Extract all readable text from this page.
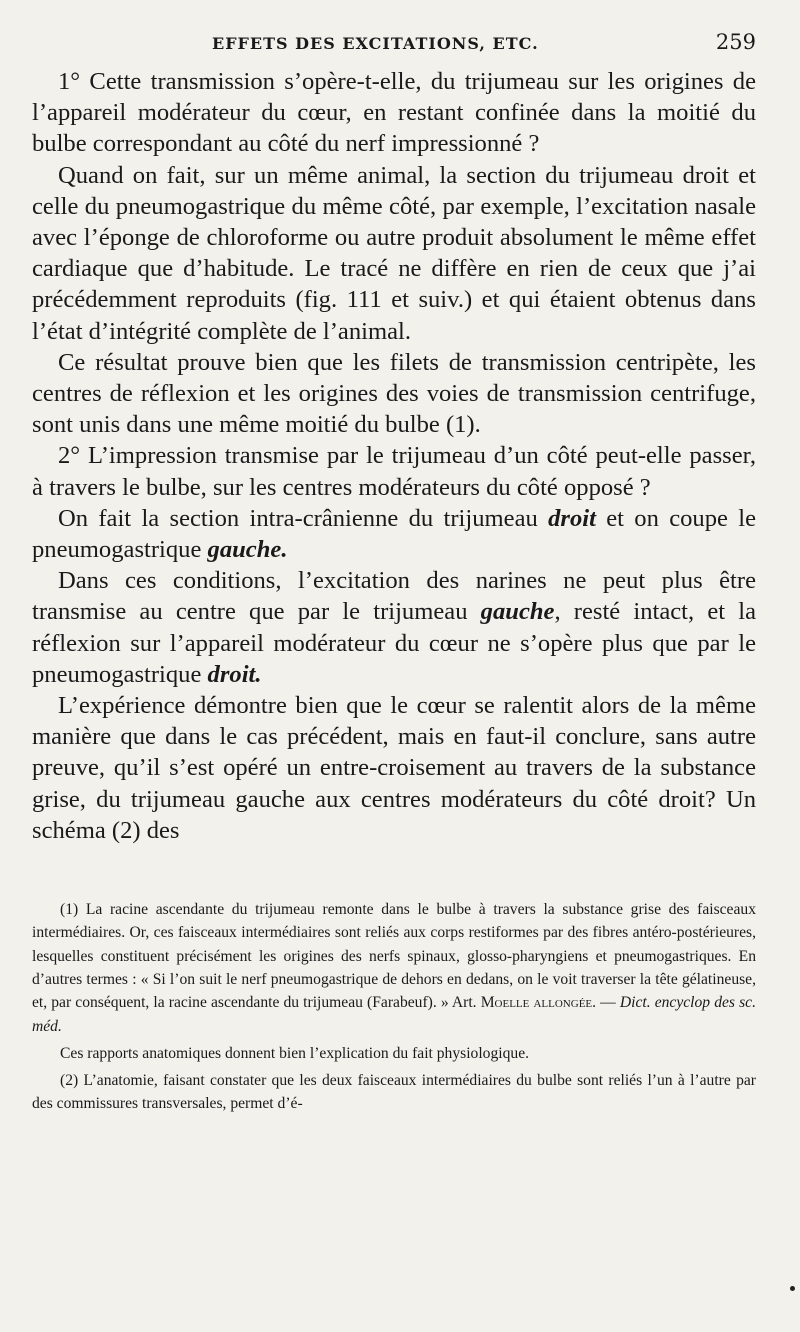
EFFETS DES EXCITATIONS, ETC.	259

1° Cette transmission s’opère-t-elle, du trijumeau sur les origines de l’appareil modérateur du cœur, en restant confinée dans la moitié du bulbe correspondant au côté du nerf impressionné ?

Quand on fait, sur un même animal, la section du trijumeau droit et celle du pneumogastrique du même côté, par exemple, l’excitation nasale avec l’éponge de chloroforme ou autre produit absolument le même effet cardiaque que d’habitude. Le tracé ne diffère en rien de ceux que j’ai précédemment reproduits (fig. 111 et suiv.) et qui étaient obtenus dans l’état d’intégrité complète de l’animal.

Ce résultat prouve bien que les filets de transmission centripète, les centres de réflexion et les origines des voies de transmission centrifuge, sont unis dans une même moitié du bulbe (1).

2° L’impression transmise par le trijumeau d’un côté peut-elle passer, à travers le bulbe, sur les centres modérateurs du côté opposé ?

On fait la section intra-crânienne du trijumeau droit et on coupe le pneumogastrique gauche.

Dans ces conditions, l’excitation des narines ne peut plus être transmise au centre que par le trijumeau gauche, resté intact, et la réflexion sur l’appareil modérateur du cœur ne s’opère plus que par le pneumogastrique droit.

L’expérience démontre bien que le cœur se ralentit alors de la même manière que dans le cas précédent, mais en faut-il conclure, sans autre preuve, qu’il s’est opéré un entre-croisement au travers de la substance grise, du trijumeau gauche aux centres modérateurs du côté droit? Un schéma (2) des

(1) La racine ascendante du trijumeau remonte dans le bulbe à travers la substance grise des faisceaux intermédiaires. Or, ces faisceaux intermédiaires sont reliés aux corps restiformes par des fibres antéro-postérieures, lesquelles constituent précisément les origines des nerfs spinaux, glosso-pharyngiens et pneumogastriques. En d’autres termes : « Si l’on suit le nerf pneumogastrique de dehors en dedans, on le voit traverser la tête gélatineuse, et, par conséquent, la racine ascendante du trijumeau (Farabeuf). » Art. Moelle allongée. — Dict. encyclop des sc. méd.

Ces rapports anatomiques donnent bien l’explication du fait physiologique.

(2) L’anatomie, faisant constater que les deux faisceaux intermédiaires du bulbe sont reliés l’un à l’autre par des commissures transversales, permet d’é-
